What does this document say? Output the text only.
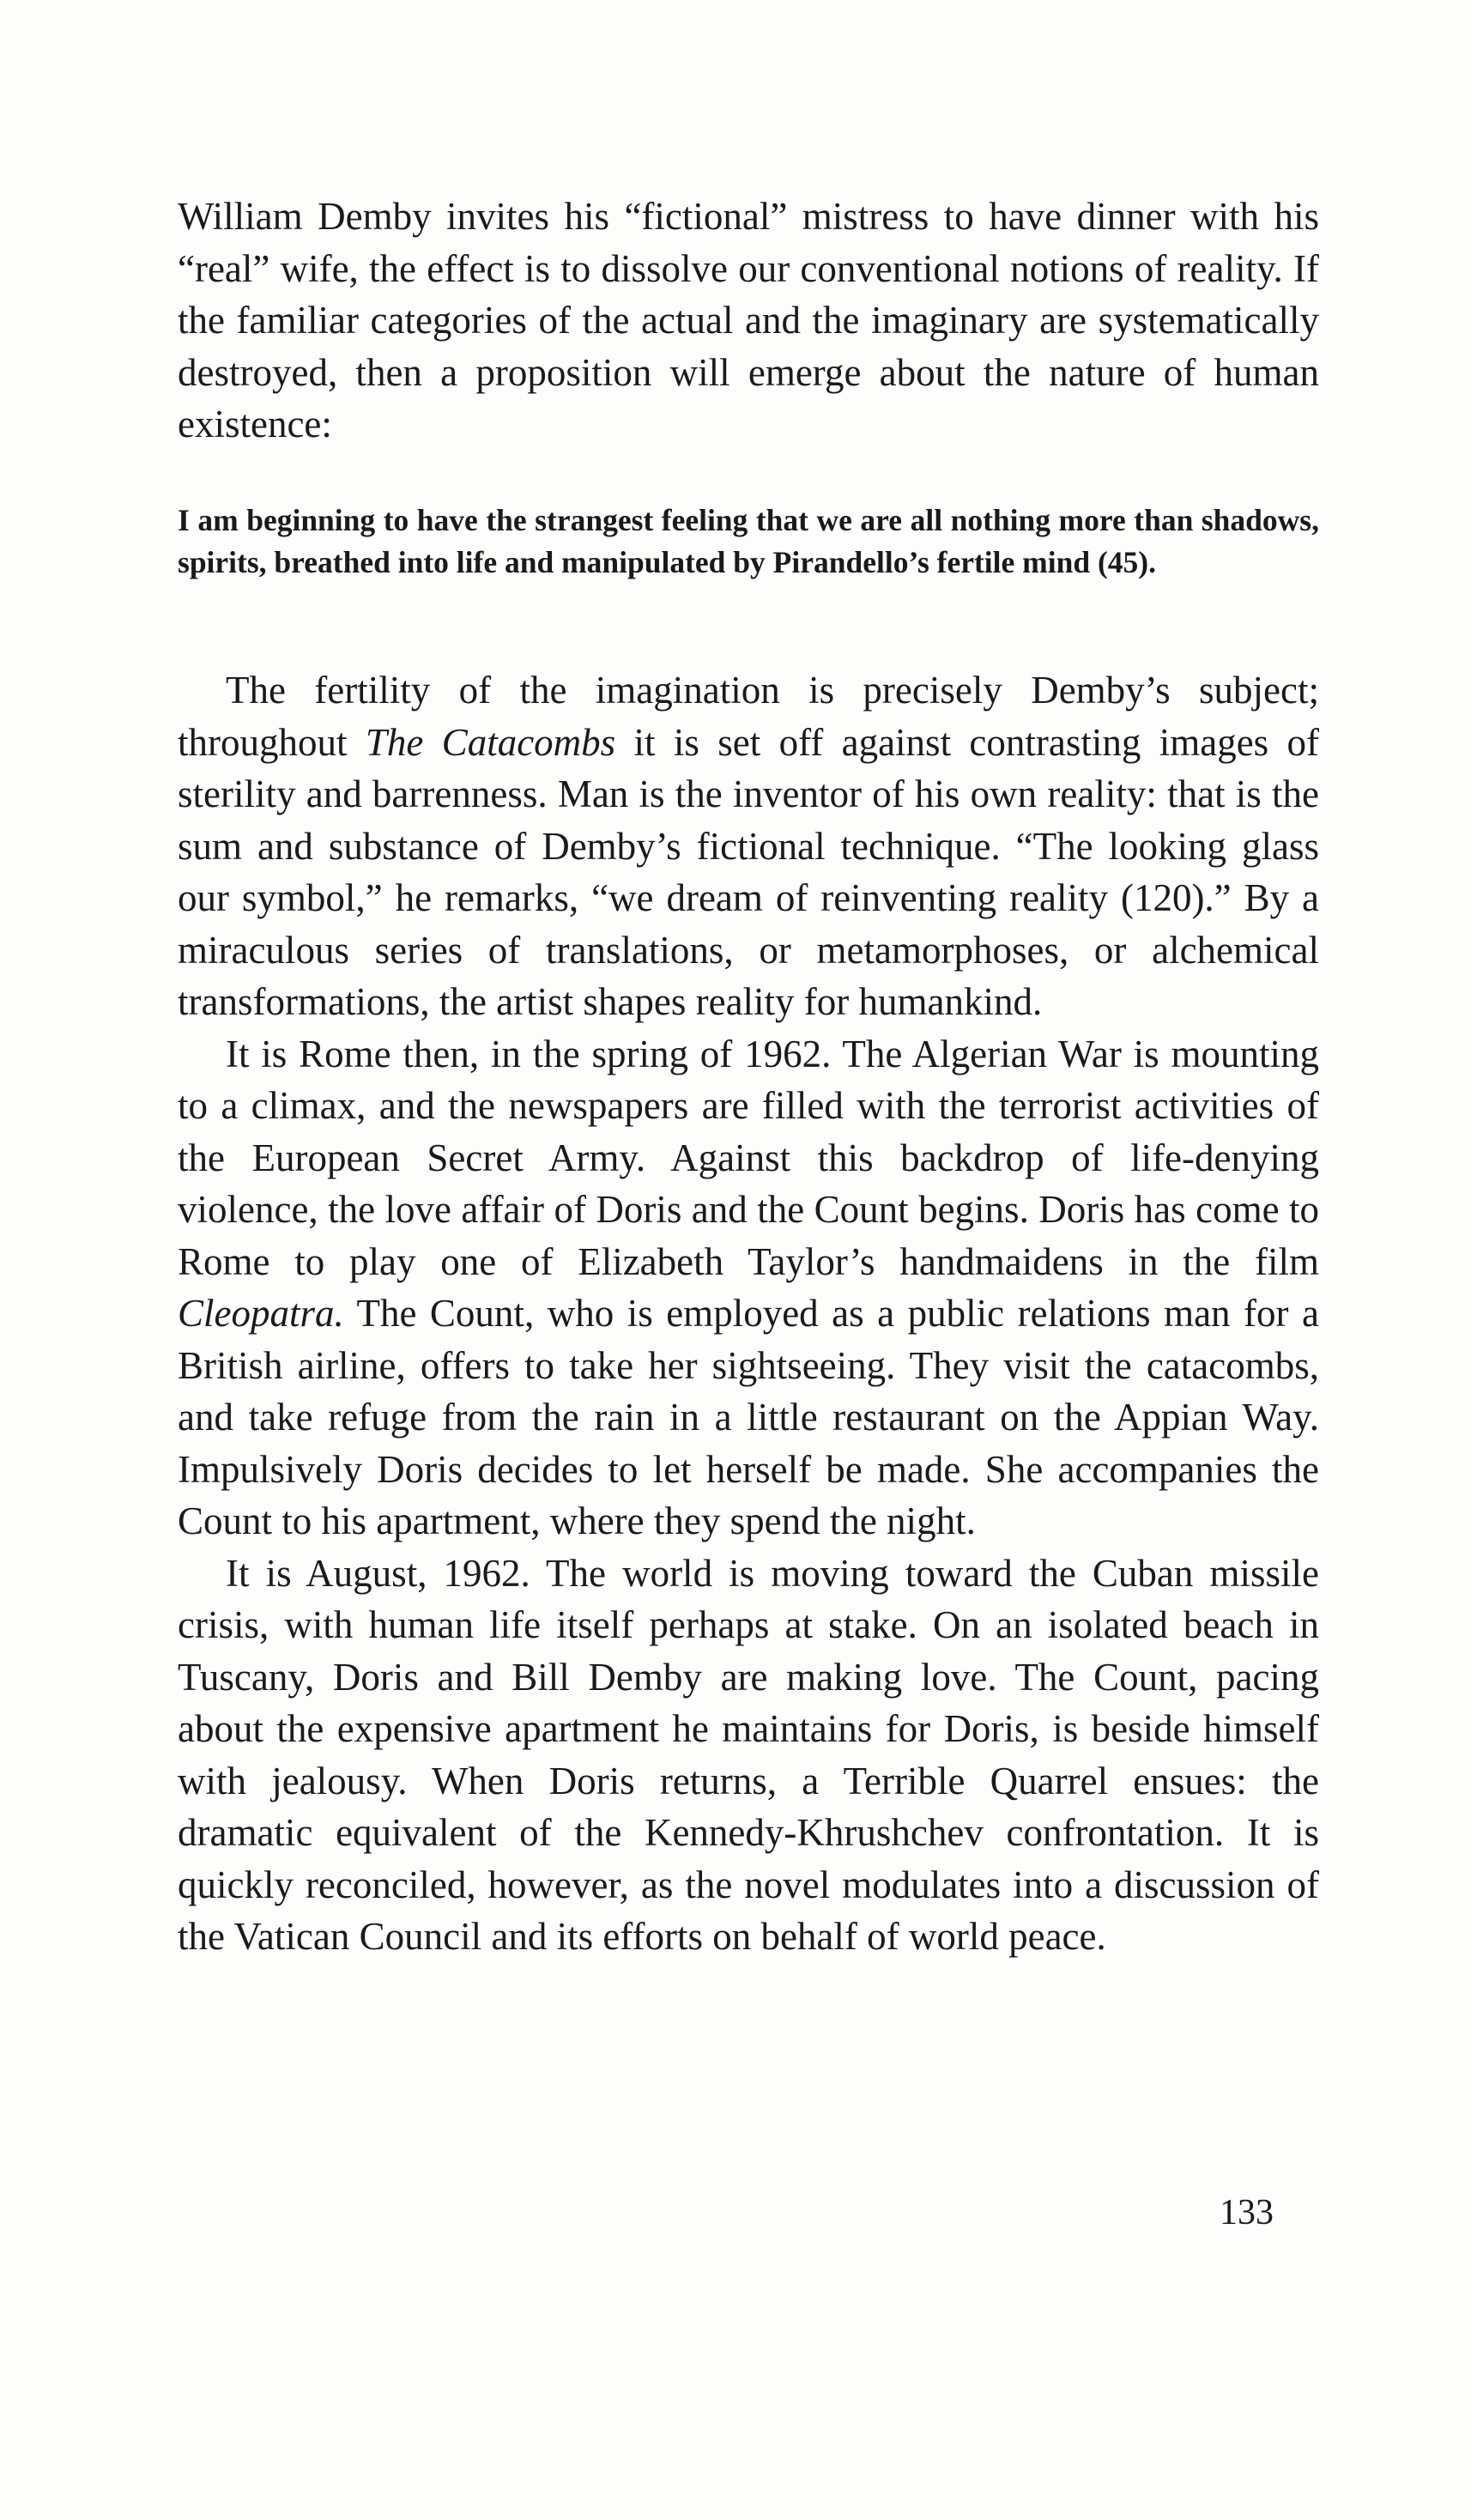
William Demby invites his “fictional” mistress to have dinner with his “real” wife, the effect is to dissolve our conventional notions of reality. If the familiar categories of the actual and the imaginary are systematically destroyed, then a proposition will emerge about the nature of human existence:

I am beginning to have the strangest feeling that we are all nothing more than shadows, spirits, breathed into life and manipulated by Pirandello’s fertile mind (45).

The fertility of the imagination is precisely Demby’s subject; throughout The Catacombs it is set off against contrasting images of sterility and barrenness. Man is the inventor of his own reality: that is the sum and substance of Demby’s fictional technique. “The looking glass our symbol,” he remarks, “we dream of reinventing reality (120).” By a miraculous series of translations, or metamorphoses, or alchemical transformations, the artist shapes reality for humankind.

It is Rome then, in the spring of 1962. The Algerian War is mounting to a climax, and the newspapers are filled with the terrorist activities of the European Secret Army. Against this backdrop of life-denying violence, the love affair of Doris and the Count begins. Doris has come to Rome to play one of Elizabeth Taylor’s handmaidens in the film Cleopatra. The Count, who is employed as a public relations man for a British airline, offers to take her sightseeing. They visit the catacombs, and take refuge from the rain in a little restaurant on the Appian Way. Impulsively Doris decides to let herself be made. She accompanies the Count to his apartment, where they spend the night.

It is August, 1962. The world is moving toward the Cuban missile crisis, with human life itself perhaps at stake. On an isolated beach in Tuscany, Doris and Bill Demby are making love. The Count, pacing about the expensive apartment he maintains for Doris, is beside himself with jealousy. When Doris returns, a Terrible Quarrel ensues: the dramatic equivalent of the Kennedy-Khrushchev confrontation. It is quickly reconciled, however, as the novel modulates into a discussion of the Vatican Council and its efforts on behalf of world peace.

133
